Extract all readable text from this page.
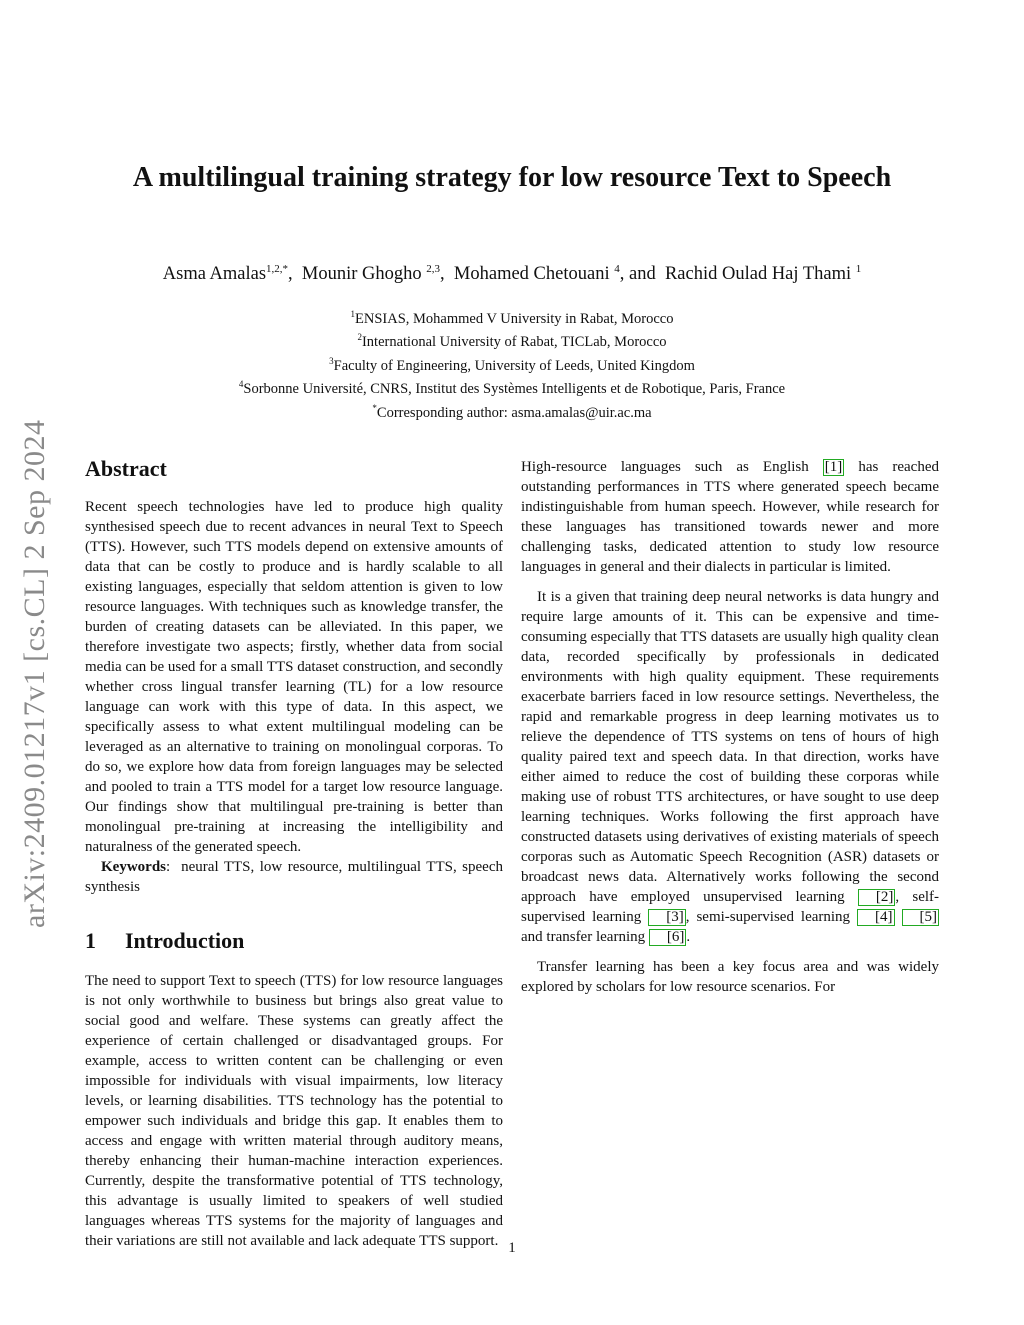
arXiv:2409.01217v1 [cs.CL] 2 Sep 2024
A multilingual training strategy for low resource Text to Speech
Asma Amalas$^{1,2,*}$,  Mounir Ghogho $^{2,3}$,  Mohamed Chetouani $^4$, and Rachid Oulad Haj Thami $^1$
$^1$ENSIAS, Mohammed V University in Rabat, Morocco
$^2$International University of Rabat, TICLab, Morocco
$^3$Faculty of Engineering, University of Leeds, United Kingdom
$^4$Sorbonne Université, CNRS, Institut des Systèmes Intelligents et de Robotique, Paris, France
*Corresponding author: asma.amalas@uir.ac.ma
Abstract

Recent speech technologies have led to produce high quality synthesised speech due to recent advances in neural Text to Speech (TTS). However, such TTS models depend on extensive amounts of data that can be costly to produce and is hardly scalable to all existing languages, especially that seldom attention is given to low resource languages. With techniques such as knowledge transfer, the burden of creating datasets can be alleviated. In this paper, we therefore investigate two aspects; firstly, whether data from social media can be used for a small TTS dataset construction, and secondly whether cross lingual transfer learning (TL) for a low resource language can work with this type of data. In this aspect, we specifically assess to what extent multilingual modeling can be leveraged as an alternative to training on monolingual corporas. To do so, we explore how data from foreign languages may be selected and pooled to train a TTS model for a target low resource language. Our findings show that multilingual pre-training is better than monolingual pre-training at increasing the intelligibility and naturalness of the generated speech.

Keywords:  neural TTS, low resource, multilingual TTS, speech synthesis

1 Introduction

The need to support Text to speech (TTS) for low resource languages is not only worthwhile to business but brings also great value to social good and welfare. These systems can greatly affect the experience of certain challenged or disadvantaged groups. For example, access to written content can be challenging or even impossible for individuals with visual impairments, low literacy levels, or learning disabilities. TTS technology has the potential to empower such individuals and bridge this gap. It enables them to access and engage with written material through auditory means, thereby enhancing their human-machine interaction experiences. Currently, despite the transformative potential of TTS technology, this advantage is usually limited to speakers of well studied languages whereas TTS systems for the majority of languages and their variations are still not available and lack adequate TTS support.

High-resource languages such as English [1] has reached outstanding performances in TTS where generated speech became indistinguishable from human speech. However, while research for these languages has transitioned towards newer and more challenging tasks, dedicated attention to study low resource languages in general and their dialects in particular is limited.

It is a given that training deep neural networks is data hungry and require large amounts of it. This can be expensive and time-consuming especially that TTS datasets are usually high quality clean data, recorded specifically by professionals in dedicated environments with high quality equipment. These requirements exacerbate barriers faced in low resource settings. Nevertheless, the rapid and remarkable progress in deep learning motivates us to relieve the dependence of TTS systems on tens of hours of high quality paired text and speech data. In that direction, works have either aimed to reduce the cost of building these corporas while making use of robust TTS architectures, or have sought to use deep learning techniques. Works following the first approach have constructed datasets using derivatives of existing materials of speech corporas such as Automatic Speech Recognition (ASR) datasets or broadcast news data. Alternatively works following the second approach have employed unsupervised learning [2] , self-supervised learning [3] , semi-supervised learning [4] [5] and transfer learning [6] .

Transfer learning has been a key focus area and was widely explored by scholars for low resource scenarios. For

1
